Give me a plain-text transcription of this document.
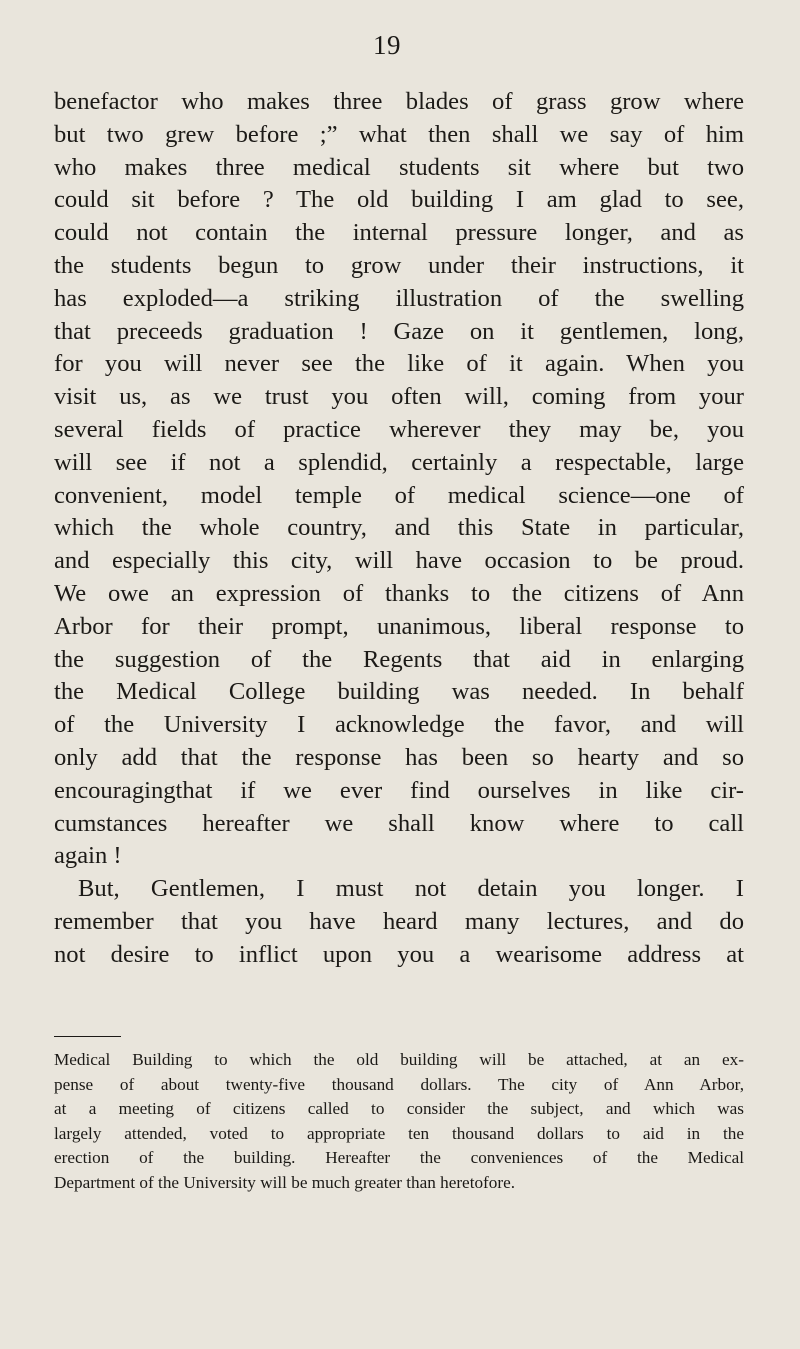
19
benefactor who makes three blades of grass grow where
but two grew before ;” what then shall we say of him
who makes three medical students sit where but two
could sit before ? The old building I am glad to see,
could not contain the internal pressure longer, and as
the students begun to grow under their instructions, it
has exploded—a striking illustration of the swelling
that preceeds graduation ! Gaze on it gentlemen, long,
for you will never see the like of it again. When you
visit us, as we trust you often will, coming from your
several fields of practice wherever they may be, you
will see if not a splendid, certainly a respectable, large
convenient, model temple of medical science—one of
which the whole country, and this State in particular,
and especially this city, will have occasion to be proud.
We owe an expression of thanks to the citizens of Ann
Arbor for their prompt, unanimous, liberal response to
the suggestion of the Regents that aid in enlarging
the Medical College building was needed. In behalf
of the University I acknowledge the favor, and will
only add that the response has been so hearty and so
encouragingthat if we ever find ourselves in like cir-
cumstances hereafter we shall know where to call
again !
But, Gentlemen, I must not detain you longer. I
remember that you have heard many lectures, and do
not desire to inflict upon you a wearisome address at
Medical Building to which the old building will be attached, at an ex-
pense of about twenty-five thousand dollars. The city of Ann Arbor,
at a meeting of citizens called to consider the subject, and which was
largely attended, voted to appropriate ten thousand dollars to aid in the
erection of the building. Hereafter the conveniences of the Medical
Department of the University will be much greater than heretofore.
